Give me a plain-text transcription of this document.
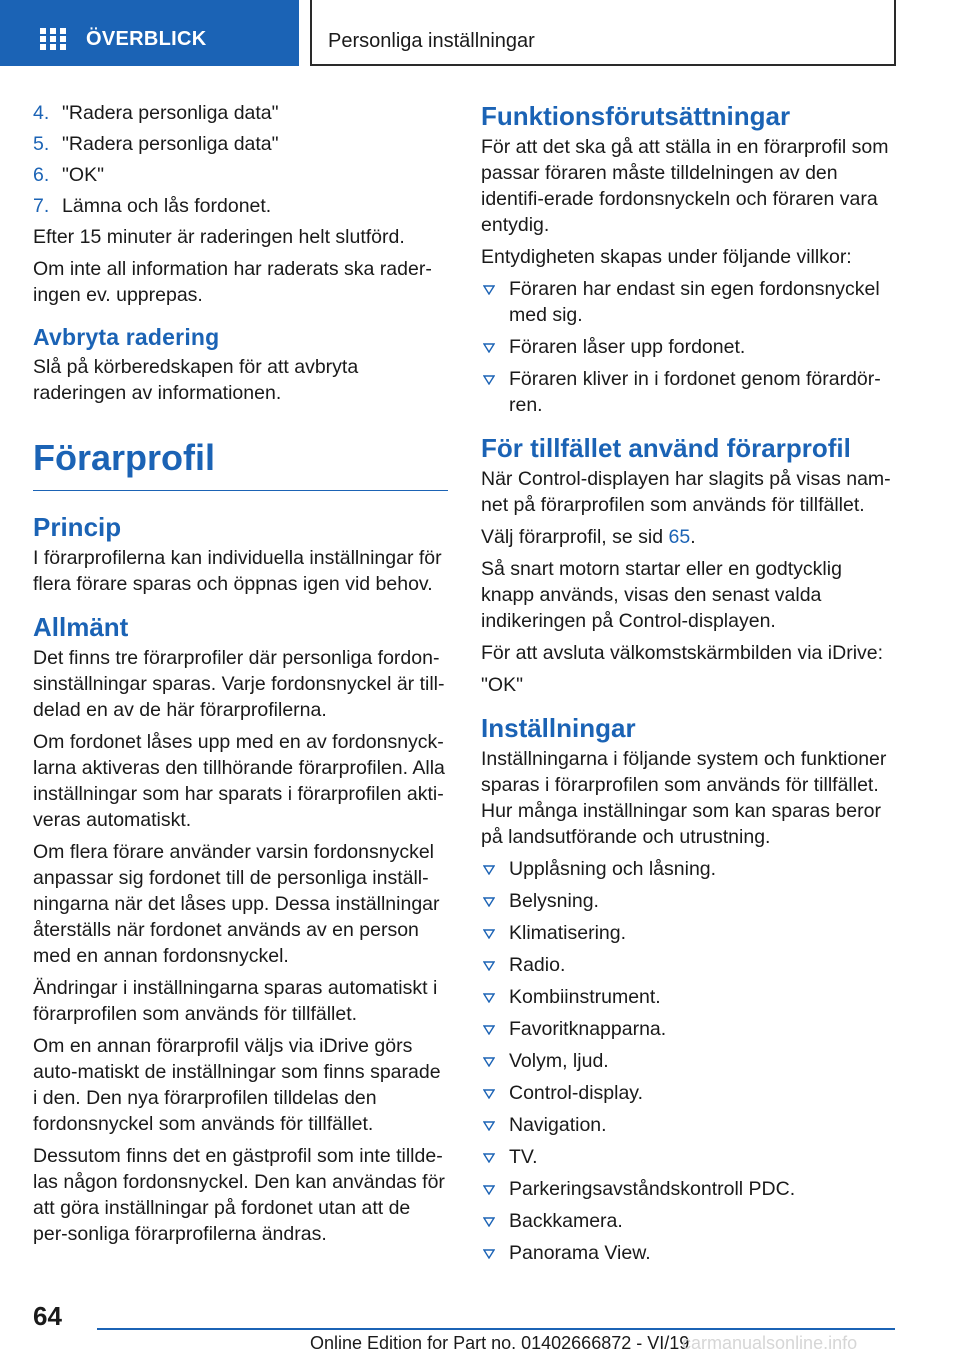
ÖVERBLICK	Personliga inställningar
4. "Radera personliga data"
5. "Radera personliga data"
6. "OK"
7. Lämna och lås fordonet.

Efter 15 minuter är raderingen helt slutförd.

Om inte all information har raderats ska rader‐ingen ev. upprepas.

Avbryta radering

Slå på körberedskapen för att avbryta raderingen av informationen.

Förarprofil
Princip

I förarprofilerna kan individuella inställningar för flera förare sparas och öppnas igen vid behov.

Allmänt

Det finns tre förarprofiler där personliga fordon‐sinställningar sparas. Varje fordonsnyckel är till‐delad en av de här förarprofilerna.

Om fordonet låses upp med en av fordonsnyck‐larna aktiveras den tillhörande förarprofilen. Alla inställningar som har sparats i förarprofilen akti‐veras automatiskt.

Om flera förare använder varsin fordonsnyckel anpassar sig fordonet till de personliga inställ‐ningarna när det låses upp. Dessa inställningar återställs när fordonet används av en person med en annan fordonsnyckel.

Ändringar i inställningarna sparas automatiskt i förarprofilen som används för tillfället.

Om en annan förarprofil väljs via iDrive görs auto‐matiskt de inställningar som finns sparade i den. Den nya förarprofilen tilldelas den fordonsnyckel som används för tillfället.

Dessutom finns det en gästprofil som inte tillde‐las någon fordonsnyckel. Den kan användas för att göra inställningar på fordonet utan att de per‐sonliga förarprofilerna ändras.

Funktionsförutsättningar

För att det ska gå att ställa in en förarprofil som passar föraren måste tilldelningen av den identifi‐erade fordonsnyckeln och föraren vara entydig.

Entydigheten skapas under följande villkor:

Föraren har endast sin egen fordonsnyckel med sig.
Föraren låser upp fordonet.
Föraren kliver in i fordonet genom förardör‐ren.
För tillfället använd förarprofil

När Control-displayen har slagits på visas nam‐net på förarprofilen som används för tillfället.

Välj förarprofil, se sid 65.

Så snart motorn startar eller en godtycklig knapp används, visas den senast valda indikeringen på Control-displayen.

För att avsluta välkomstskärmbilden via iDrive:

"OK"

Inställningar

Inställningarna i följande system och funktioner sparas i förarprofilen som används för tillfället. Hur många inställningar som kan sparas beror på landsutförande och utrustning.

Upplåsning och låsning.
Belysning.
Klimatisering.
Radio.
Kombiinstrument.
Favoritknapparna.
Volym, ljud.
Control-display.
Navigation.
TV.
Parkeringsavståndskontroll PDC.
Backkamera.
Panorama View.
64
Online Edition for Part no. 01402666872 - VI/19
carmanualsonline.info
